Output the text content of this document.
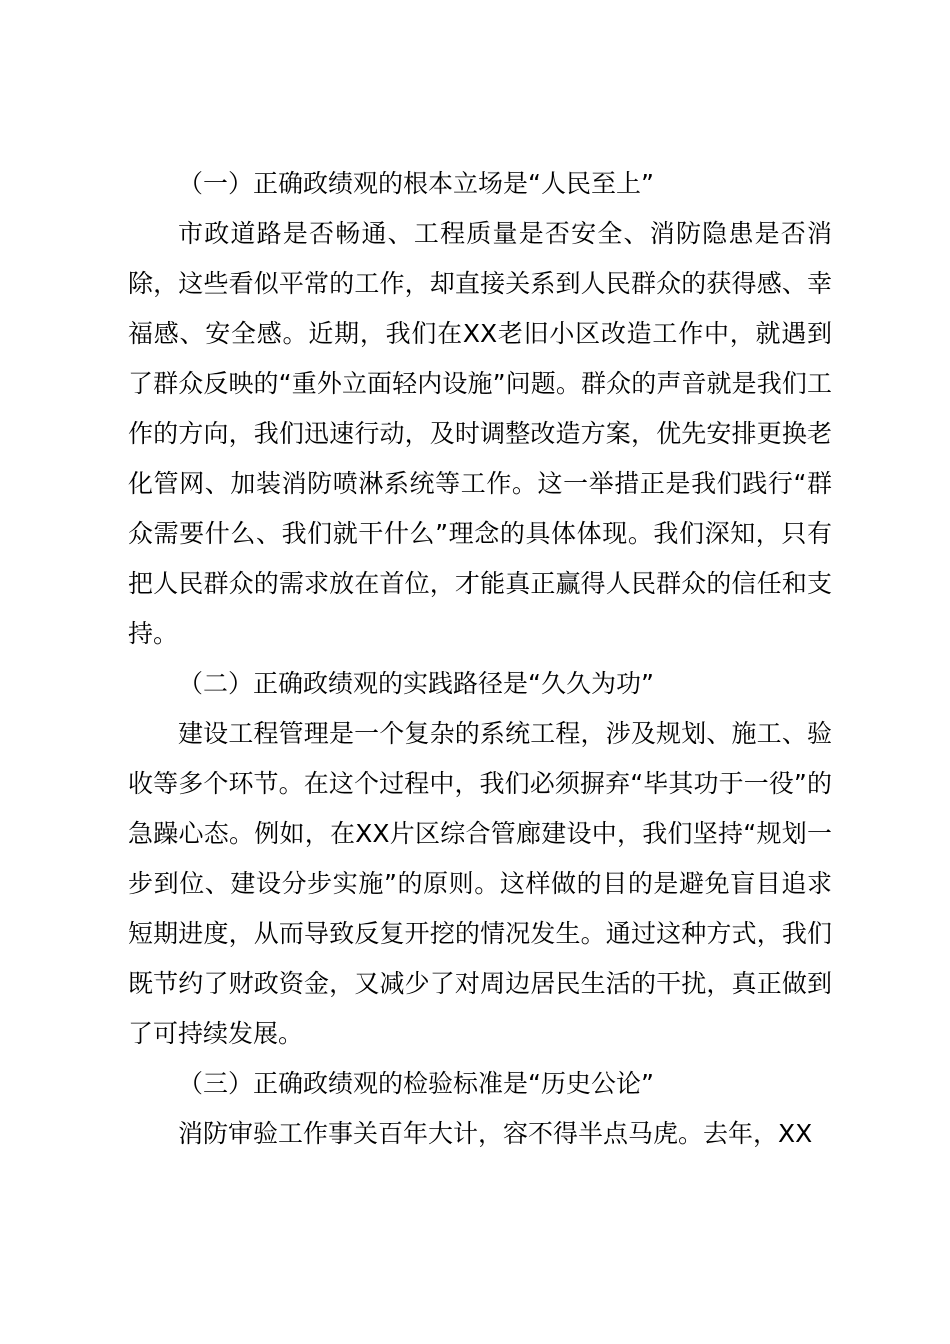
（一）正确政绩观的根本立场是“人民至上”

市政道路是否畅通、工程质量是否安全、消防隐患是否消除，这些看似平常的工作，却直接关系到人民群众的获得感、幸福感、安全感。近期，我们在XX老旧小区改造工作中，就遇到了群众反映的“重外立面轻内设施”问题。群众的声音就是我们工作的方向，我们迅速行动，及时调整改造方案，优先安排更换老化管网、加装消防喷淋系统等工作。这一举措正是我们践行“群众需要什么、我们就干什么”理念的具体体现。我们深知，只有把人民群众的需求放在首位，才能真正赢得人民群众的信任和支持。

（二）正确政绩观的实践路径是“久久为功”

建设工程管理是一个复杂的系统工程，涉及规划、施工、验收等多个环节。在这个过程中，我们必须摒弃“毕其功于一役”的急躁心态。例如，在XX片区综合管廊建设中，我们坚持“规划一步到位、建设分步实施”的原则。这样做的目的是避免盲目追求短期进度，从而导致反复开挖的情况发生。通过这种方式，我们既节约了财政资金，又减少了对周边居民生活的干扰，真正做到了可持续发展。

（三）正确政绩观的检验标准是“历史公论”

消防审验工作事关百年大计，容不得半点马虎。去年，XX
